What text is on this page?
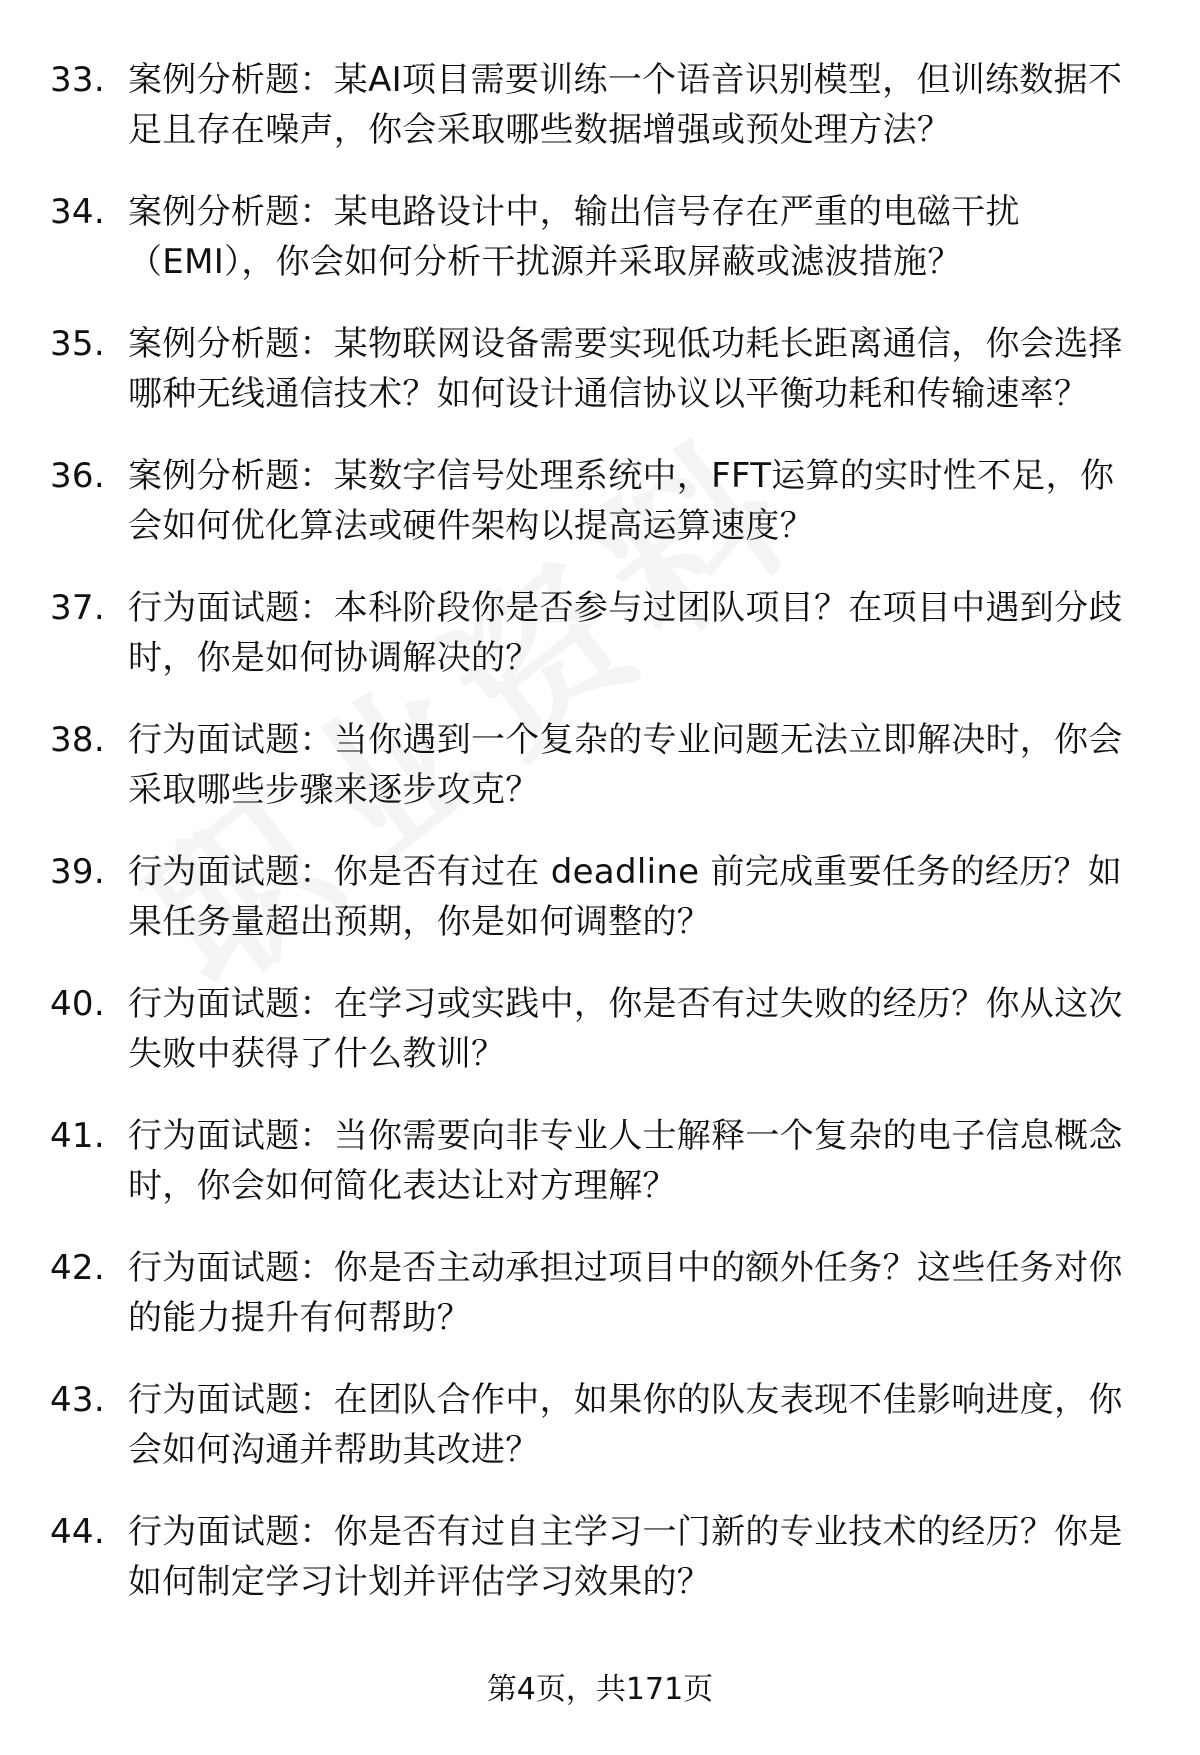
33. 案例分析题：某AI项目需要训练一个语音识别模型，但训练数据不足且存在噪声，你会采取哪些数据增强或预处理方法？
34. 案例分析题：某电路设计中，输出信号存在严重的电磁干扰（EMI），你会如何分析干扰源并采取屏蔽或滤波措施？
35. 案例分析题：某物联网设备需要实现低功耗长距离通信，你会选择哪种无线通信技术？如何设计通信协议以平衡功耗和传输速率？
36. 案例分析题：某数字信号处理系统中，FFT运算的实时性不足，你会如何优化算法或硬件架构以提高运算速度？
37. 行为面试题：本科阶段你是否参与过团队项目？在项目中遇到分歧时，你是如何协调解决的？
38. 行为面试题：当你遇到一个复杂的专业问题无法立即解决时，你会采取哪些步骤来逐步攻克？
39. 行为面试题：你是否有过在 deadline 前完成重要任务的经历？如果任务量超出预期，你是如何调整的？
40. 行为面试题：在学习或实践中，你是否有过失败的经历？你从这次失败中获得了什么教训？
41. 行为面试题：当你需要向非专业人士解释一个复杂的电子信息概念时，你会如何简化表达让对方理解？
42. 行为面试题：你是否主动承担过项目中的额外任务？这些任务对你的能力提升有何帮助？
43. 行为面试题：在团队合作中，如果你的队友表现不佳影响进度，你会如何沟通并帮助其改进？
44. 行为面试题：你是否有过自主学习一门新的专业技术的经历？你是如何制定学习计划并评估学习效果的？
第4页，共171页
